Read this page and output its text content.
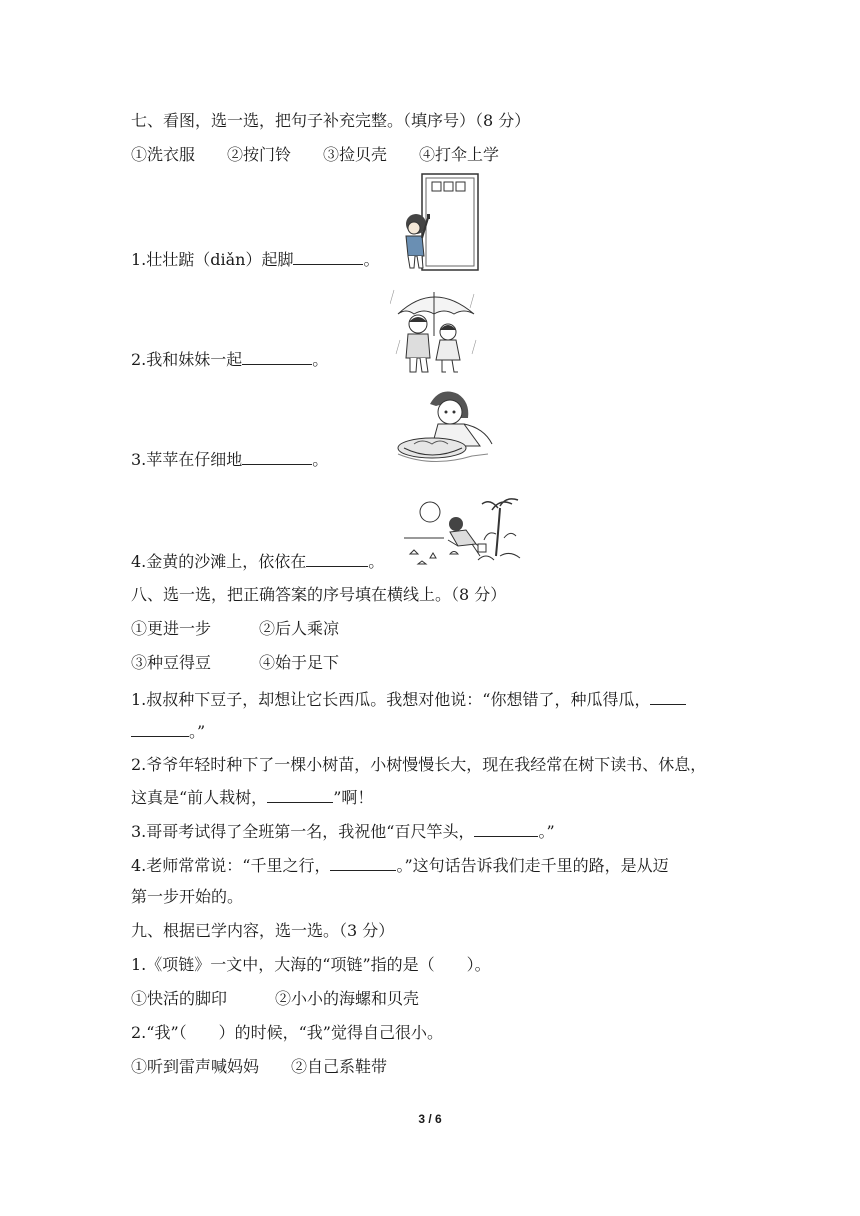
七、看图，选一选，把句子补充完整。（填序号）（8 分）
①洗衣服　　②按门铃　　③捡贝壳　　④打伞上学
1.壮壮踮（diǎn）起脚	。
2.我和妹妹一起	。
3.苹苹在仔细地	。
4.金黄的沙滩上，依依在	。
八、选一选，把正确答案的序号填在横线上。（8 分）
①更进一步　　　②后人乘凉
③种豆得豆　　　④始于足下
1.叔叔种下豆子，却想让它长西瓜。我想对他说：“你想错了，种瓜得瓜，
。”
2.爷爷年轻时种下了一棵小树苗，小树慢慢长大，现在我经常在树下读书、休息，
这真是“前人栽树，	”啊！
3.哥哥考试得了全班第一名，我祝他“百尺竿头，	。”
4.老师常常说：“千里之行，	。”这句话告诉我们走千里的路，是从迈
第一步开始的。
九、根据已学内容，选一选。（3 分）
1.《项链》一文中，大海的“项链”指的是（　　）。
①快活的脚印　　　②小小的海螺和贝壳
2.“我”（　　）的时候，“我”觉得自己很小。
①听到雷声喊妈妈　　②自己系鞋带
3 / 6
